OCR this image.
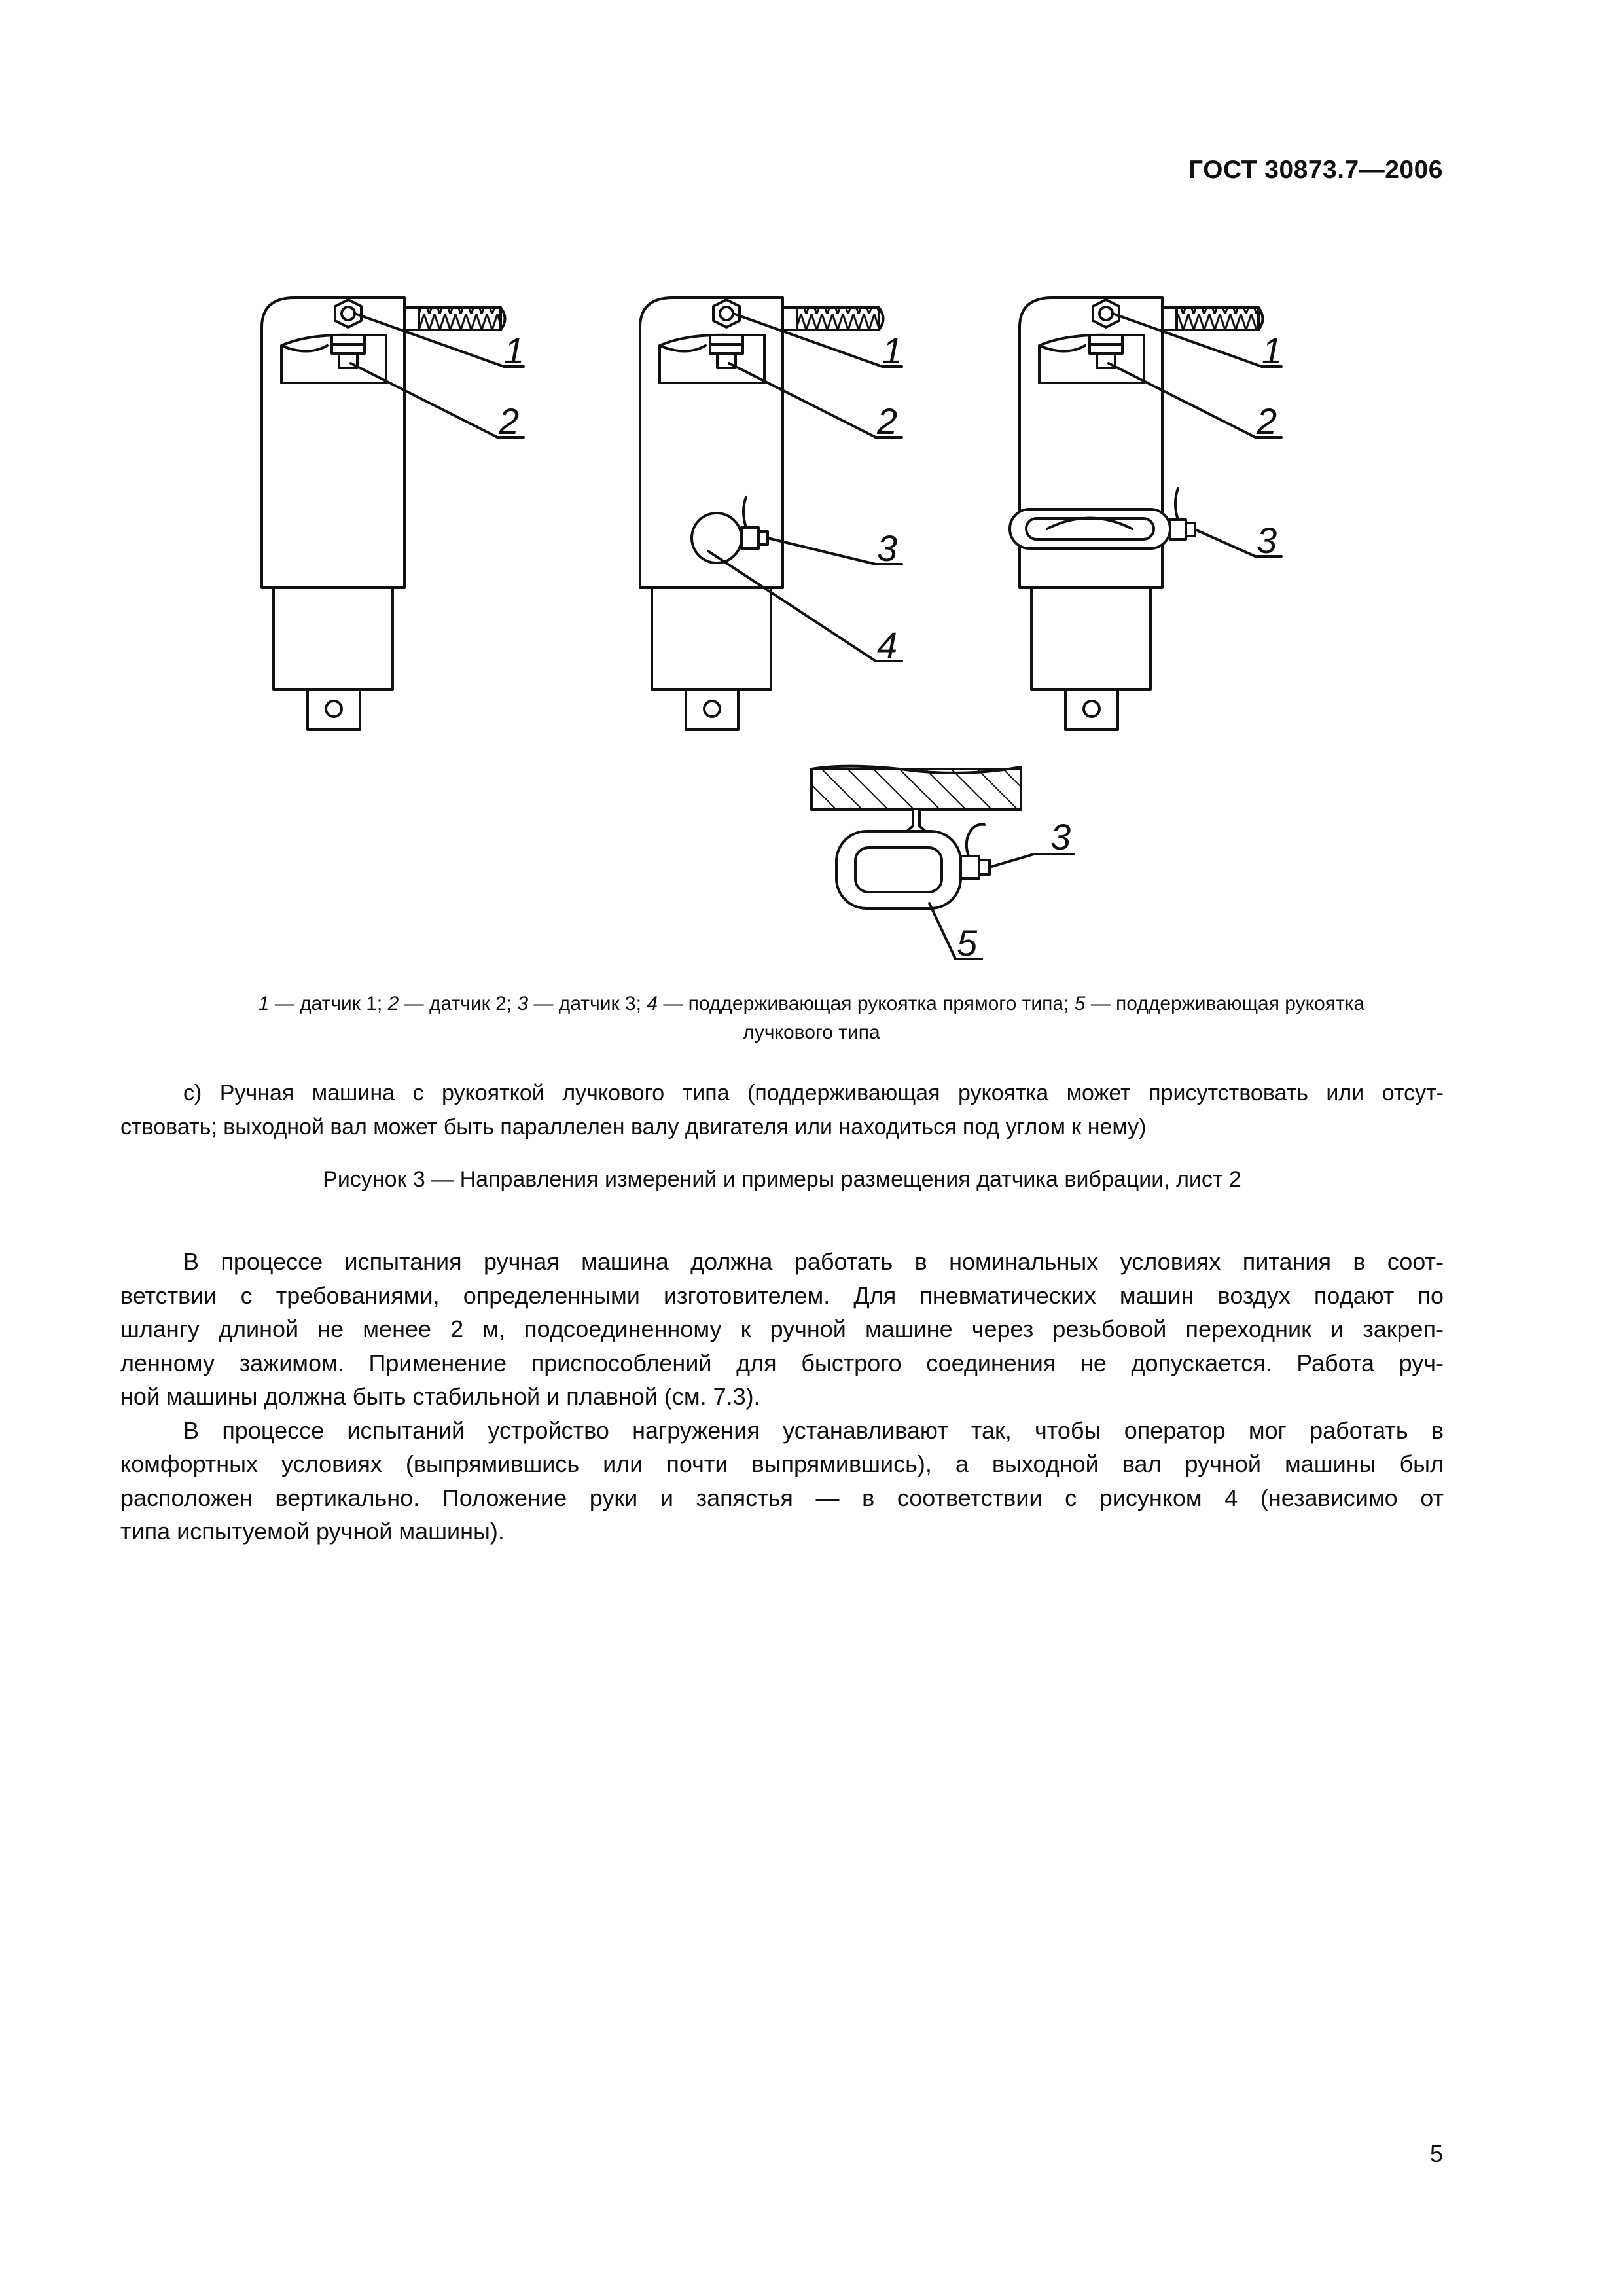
ГОСТ 30873.7—2006
1
2
1
2
3
4
1
2
3
3
5
1 — датчик 1; 2 — датчик 2; 3 — датчик 3; 4 — поддерживающая рукоятка прямого типа; 5 — поддерживающая рукоятка
лучкового типа
с) Ручная машина с рукояткой лучкового типа (поддерживающая рукоятка может присутствовать или отсут-
ствовать; выходной вал может быть параллелен валу двигателя или находиться под углом к нему)
Рисунок 3 — Направления измерений и примеры размещения датчика вибрации, лист 2
В процессе испытания ручная машина должна работать в номинальных условиях питания в соот-
ветствии с требованиями, определенными изготовителем. Для пневматических машин воздух подают по
шлангу длиной не менее 2 м, подсоединенному к ручной машине через резьбовой переходник и закреп-
ленному зажимом. Применение приспособлений для быстрого соединения не допускается. Работа руч-
ной машины должна быть стабильной и плавной (см. 7.3).
В процессе испытаний устройство нагружения устанавливают так, чтобы оператор мог работать в
комфортных условиях (выпрямившись или почти выпрямившись), а выходной вал ручной машины был
расположен вертикально. Положение руки и запястья — в соответствии с рисунком 4 (независимо от
типа испытуемой ручной машины).
5
